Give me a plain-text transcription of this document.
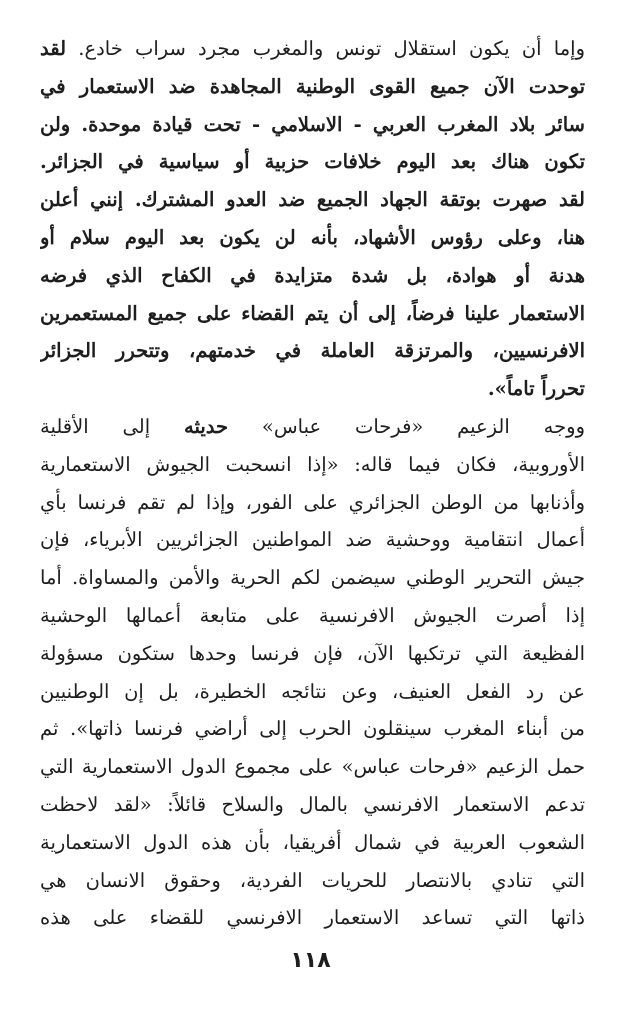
وإما أن يكون استقلال تونس والمغرب مجرد سراب خادع. لقد
توحدت الآن جميع القوى الوطنية المجاهدة ضد الاستعمار في
سائر بلاد المغرب العربي - الاسلامي - تحت قيادة موحدة. ولن
تكون هناك بعد اليوم خلافات حزبية أو سياسية في الجزائر.
لقد صهرت بوتقة الجهاد الجميع ضد العدو المشترك. إنني أعلن
هنا، وعلى رؤوس الأشهاد، بأنه لن يكون بعد اليوم سلام أو
هدنة أو هوادة، بل شدة متزايدة في الكفاح الذي فرضه
الاستعمار علينا فرضاً، إلى أن يتم القضاء على جميع المستعمرين
الافرنسيين، والمرتزقة العاملة في خدمتهم، وتتحرر الجزائر
تحرراً تاماً».
ووجه الزعيم «فرحات عباس» حديثه إلى الأقلية
الأوروبية، فكان فيما قاله: «إذا انسحبت الجيوش الاستعمارية
وأذنابها من الوطن الجزائري على الفور، وإذا لم تقم فرنسا بأي
أعمال انتقامية ووحشية ضد المواطنين الجزائريين الأبرياء، فإن
جيش التحرير الوطني سيضمن لكم الحرية والأمن والمساواة. أما
إذا أصرت الجيوش الافرنسية على متابعة أعمالها الوحشية
الفظيعة التي ترتكبها الآن، فإن فرنسا وحدها ستكون مسؤولة
عن رد الفعل العنيف، وعن نتائجه الخطيرة، بل إن الوطنيين
من أبناء المغرب سينقلون الحرب إلى أراضي فرنسا ذاتها». ثم
حمل الزعيم «فرحات عباس» على مجموع الدول الاستعمارية التي
تدعم الاستعمار الافرنسي بالمال والسلاح قائلاً: «لقد لاحظت
الشعوب العربية في شمال أفريقيا، بأن هذه الدول الاستعمارية
التي تنادي بالانتصار للحريات الفردية، وحقوق الانسان هي
ذاتها التي تساعد الاستعمار الافرنسي للقضاء على هذه
١١٨
